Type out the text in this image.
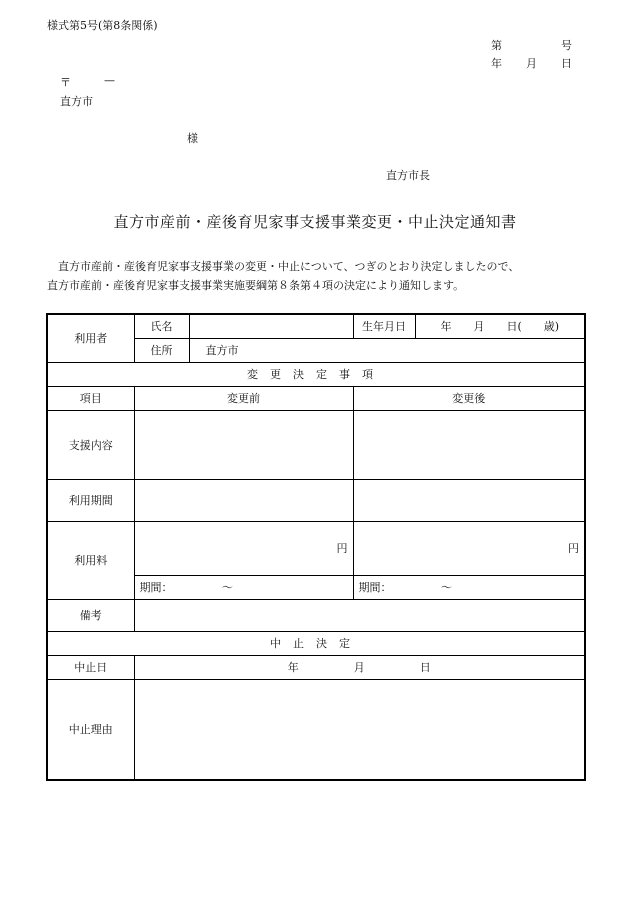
様式第5号(第8条関係)
第	号
年 月 日
〒	—
直方市
様
直方市長
直方市産前・産後育児家事支援事業変更・中止決定通知書
直方市産前・産後育児家事支援事業の変更・中止について、つぎのとおり決定しましたので、
直方市産前・産後育児家事支援事業実施要綱第８条第４項の決定により通知します。
利用者	氏名		生年月日	年　　月　　日(　　歳)
	住所	直方市		
変更決定事項				
項目	変更前		変更後	
支援内容				
利用期間				
利用料	円		円	
	期間：　　　　　～		期間：　　　　　～	
備考				
中止決定				
中止日	年　　　　　月　　　　　日			
中止理由				
